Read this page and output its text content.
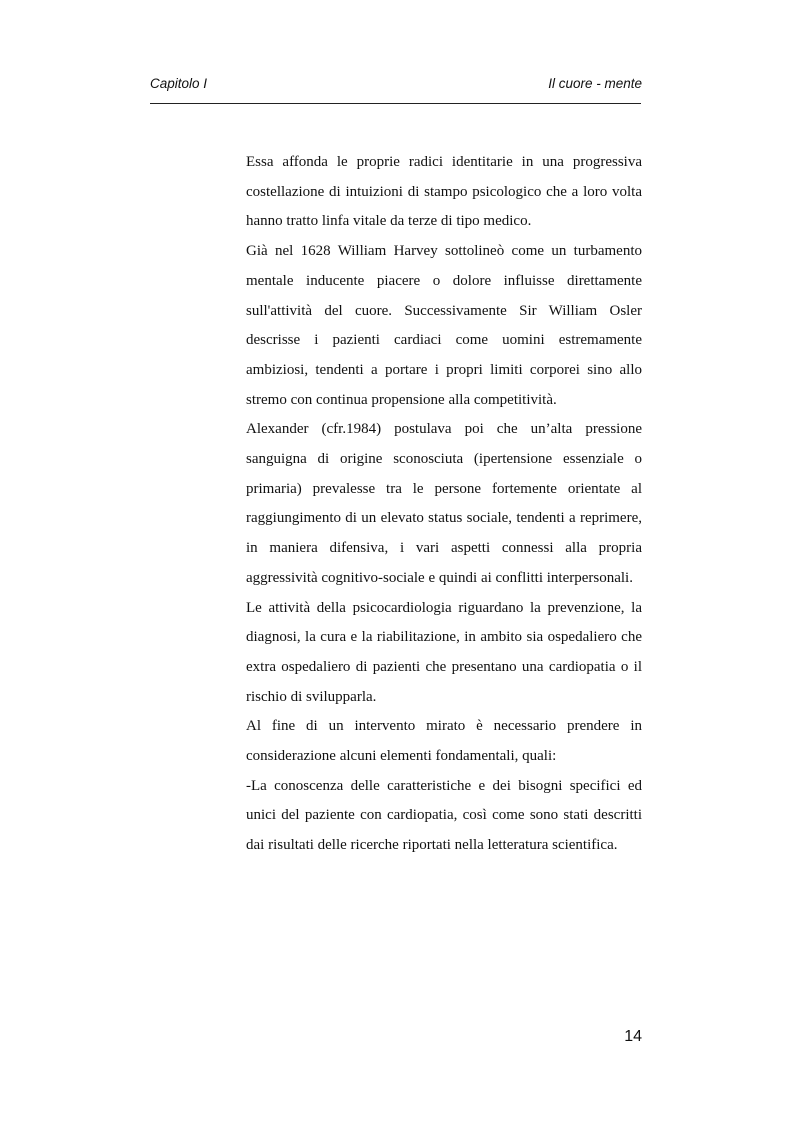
Capitolo I	Il cuore - mente

Essa affonda le proprie radici identitarie in una progressiva costellazione di intuizioni di stampo psicologico che a loro volta hanno tratto linfa vitale da terze di tipo medico.

Già nel 1628 William Harvey sottolineò come un turbamento mentale inducente piacere o dolore influisse direttamente sull'attività del cuore. Successivamente Sir William Osler descrisse i pazienti cardiaci come uomini estremamente ambiziosi, tendenti a portare i propri limiti corporei sino allo stremo con continua propensione alla competitività.

Alexander (cfr.1984) postulava poi che un’alta pressione sanguigna di origine sconosciuta (ipertensione essenziale o primaria) prevalesse tra le persone fortemente orientate al raggiungimento di un elevato status sociale, tendenti a reprimere, in maniera difensiva, i vari aspetti connessi alla propria aggressività cognitivo-sociale e quindi ai conflitti interpersonali.

Le attività della psicocardiologia riguardano la prevenzione, la diagnosi, la cura e la riabilitazione, in ambito sia ospedaliero che extra ospedaliero di pazienti che presentano una cardiopatia o il rischio di svilupparla.

Al fine di un intervento mirato è necessario prendere in considerazione alcuni elementi fondamentali, quali:

-La conoscenza delle caratteristiche e dei bisogni specifici ed unici del paziente con cardiopatia, così come sono stati descritti dai risultati delle ricerche riportati nella letteratura scientifica.

14
